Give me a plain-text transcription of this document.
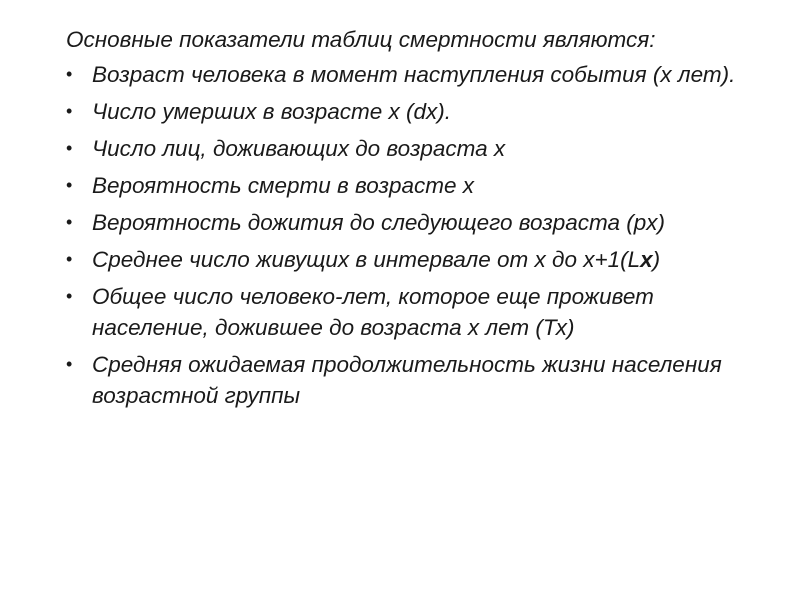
Основные показатели таблиц смертности являются:

• Возраст человека в момент наступления события (х лет).
• Число умерших в возрасте x (dx).
• Число лиц, доживающих до возраста х
• Вероятность смерти в возрасте х
• Вероятность дожития до следующего возраста (px)
• Среднее число живущих в интервале от х до х+1(Lx)
• Общее число человеко-лет, которое еще проживет население, дожившее до возраста х лет (Тх)
• Средняя ожидаемая продолжительность жизни населения возрастной группы
